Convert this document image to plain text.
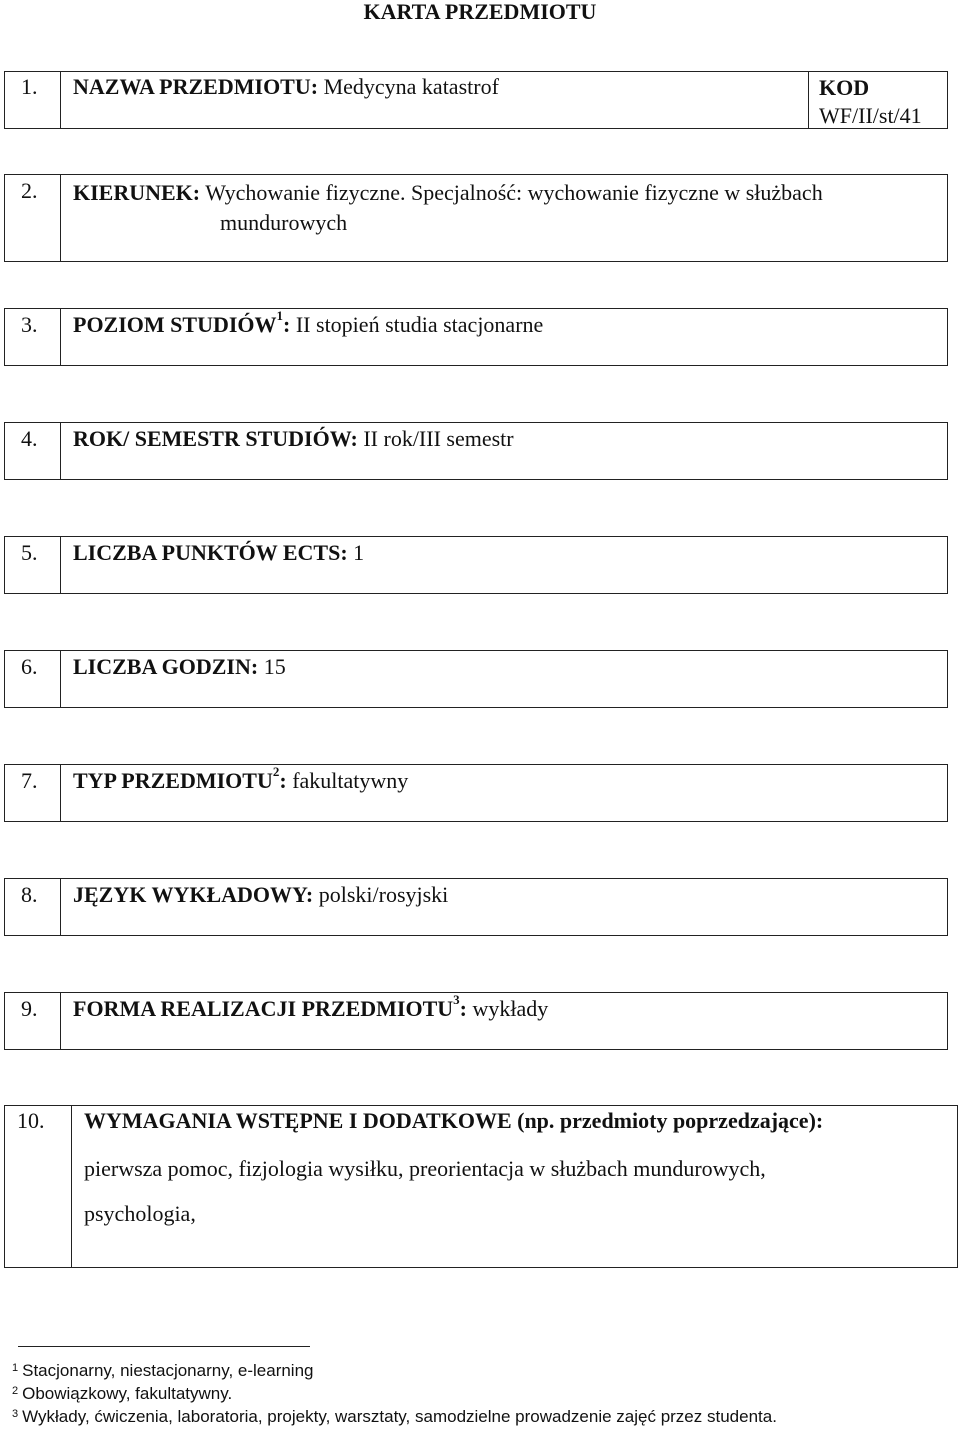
KARTA PRZEDMIOTU
1.	NAZWA PRZEDMIOTU: Medycyna katastrof	KOD
WF/II/st/41
2.	KIERUNEK: Wychowanie fizyczne. Specjalność: wychowanie fizyczne w służbach
mundurowych
3.	POZIOM STUDIÓW$^1$: II stopień studia stacjonarne
4.	ROK/ SEMESTR STUDIÓW: II rok/III semestr
5.	LICZBA PUNKTÓW ECTS: 1
6.	LICZBA GODZIN: 15
7.	TYP PRZEDMIOTU$^2$: fakultatywny
8.	JĘZYK WYKŁADOWY: polski/rosyjski
9.	FORMA REALIZACJI PRZEDMIOTU$^3$: wykłady
10.	WYMAGANIA WSTĘPNE I DODATKOWE (np. przedmioty poprzedzające):
pierwsza pomoc, fizjologia wysiłku, preorientacja w służbach mundurowych,
psychologia,
$^1$ Stacjonarny, niestacjonarny, e-learning
$^2$ Obowiązkowy, fakultatywny.
$^3$ Wykłady, ćwiczenia, laboratoria, projekty, warsztaty, samodzielne prowadzenie zajęć przez studenta.
